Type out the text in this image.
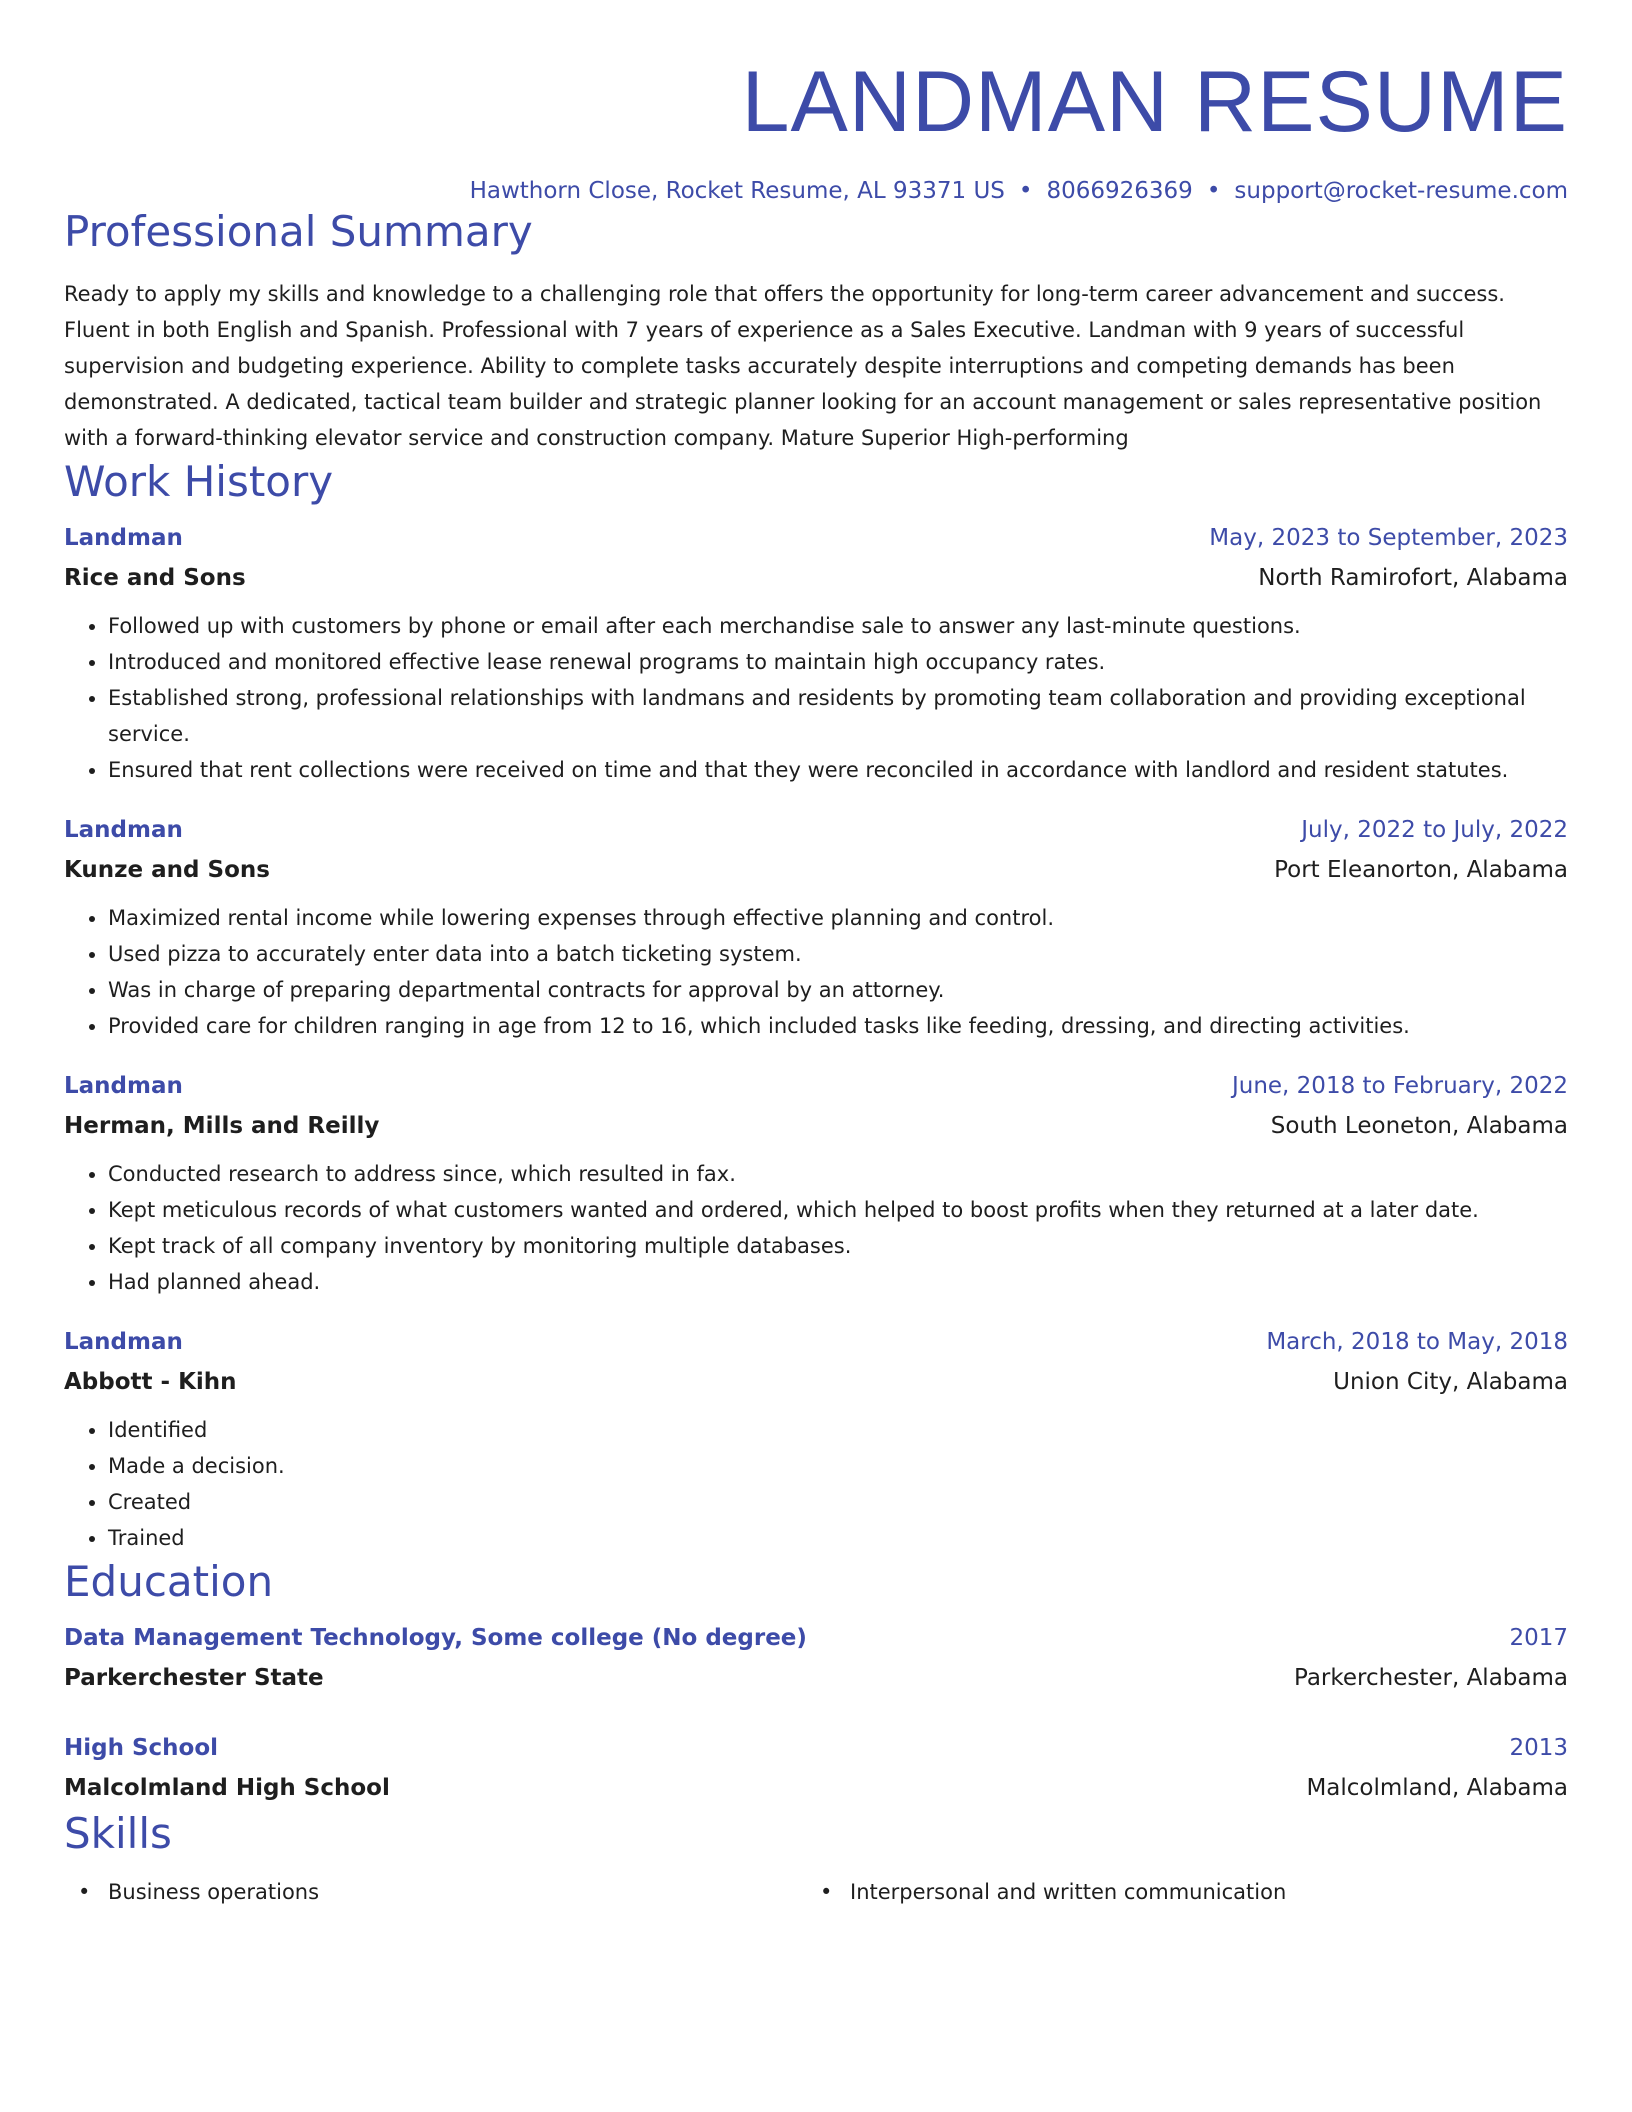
LANDMAN RESUME
Hawthorn Close, Rocket Resume, AL 93371 US • 8066926369 • support@rocket-resume.com
Professional Summary

Ready to apply my skills and knowledge to a challenging role that offers the opportunity for long-term career advancement and success. Fluent in both English and Spanish. Professional with 7 years of experience as a Sales Executive. Landman with 9 years of successful supervision and budgeting experience. Ability to complete tasks accurately despite interruptions and competing demands has been demonstrated. A dedicated, tactical team builder and strategic planner looking for an account management or sales representative position with a forward-thinking elevator service and construction company. Mature Superior High-performing

Work History
Landman	May, 2023 to September, 2023
Rice and Sons	North Ramirofort, Alabama
• Followed up with customers by phone or email after each merchandise sale to answer any last-minute questions.
• Introduced and monitored effective lease renewal programs to maintain high occupancy rates.
• Established strong, professional relationships with landmans and residents by promoting team collaboration and providing exceptional service.
• Ensured that rent collections were received on time and that they were reconciled in accordance with landlord and resident statutes.
Landman	July, 2022 to July, 2022
Kunze and Sons	Port Eleanorton, Alabama
• Maximized rental income while lowering expenses through effective planning and control.
• Used pizza to accurately enter data into a batch ticketing system.
• Was in charge of preparing departmental contracts for approval by an attorney.
• Provided care for children ranging in age from 12 to 16, which included tasks like feeding, dressing, and directing activities.
Landman	June, 2018 to February, 2022
Herman, Mills and Reilly	South Leoneton, Alabama
• Conducted research to address since, which resulted in fax.
• Kept meticulous records of what customers wanted and ordered, which helped to boost profits when they returned at a later date.
• Kept track of all company inventory by monitoring multiple databases.
• Had planned ahead.
Landman	March, 2018 to May, 2018
Abbott - Kihn	Union City, Alabama
• Identified
• Made a decision.
• Created
• Trained
Education
Data Management Technology, Some college (No degree)	2017
Parkerchester State	Parkerchester, Alabama
High School	2013
Malcolmland High School	Malcolmland, Alabama
Skills
• Business operations
•	Interpersonal and written communication
